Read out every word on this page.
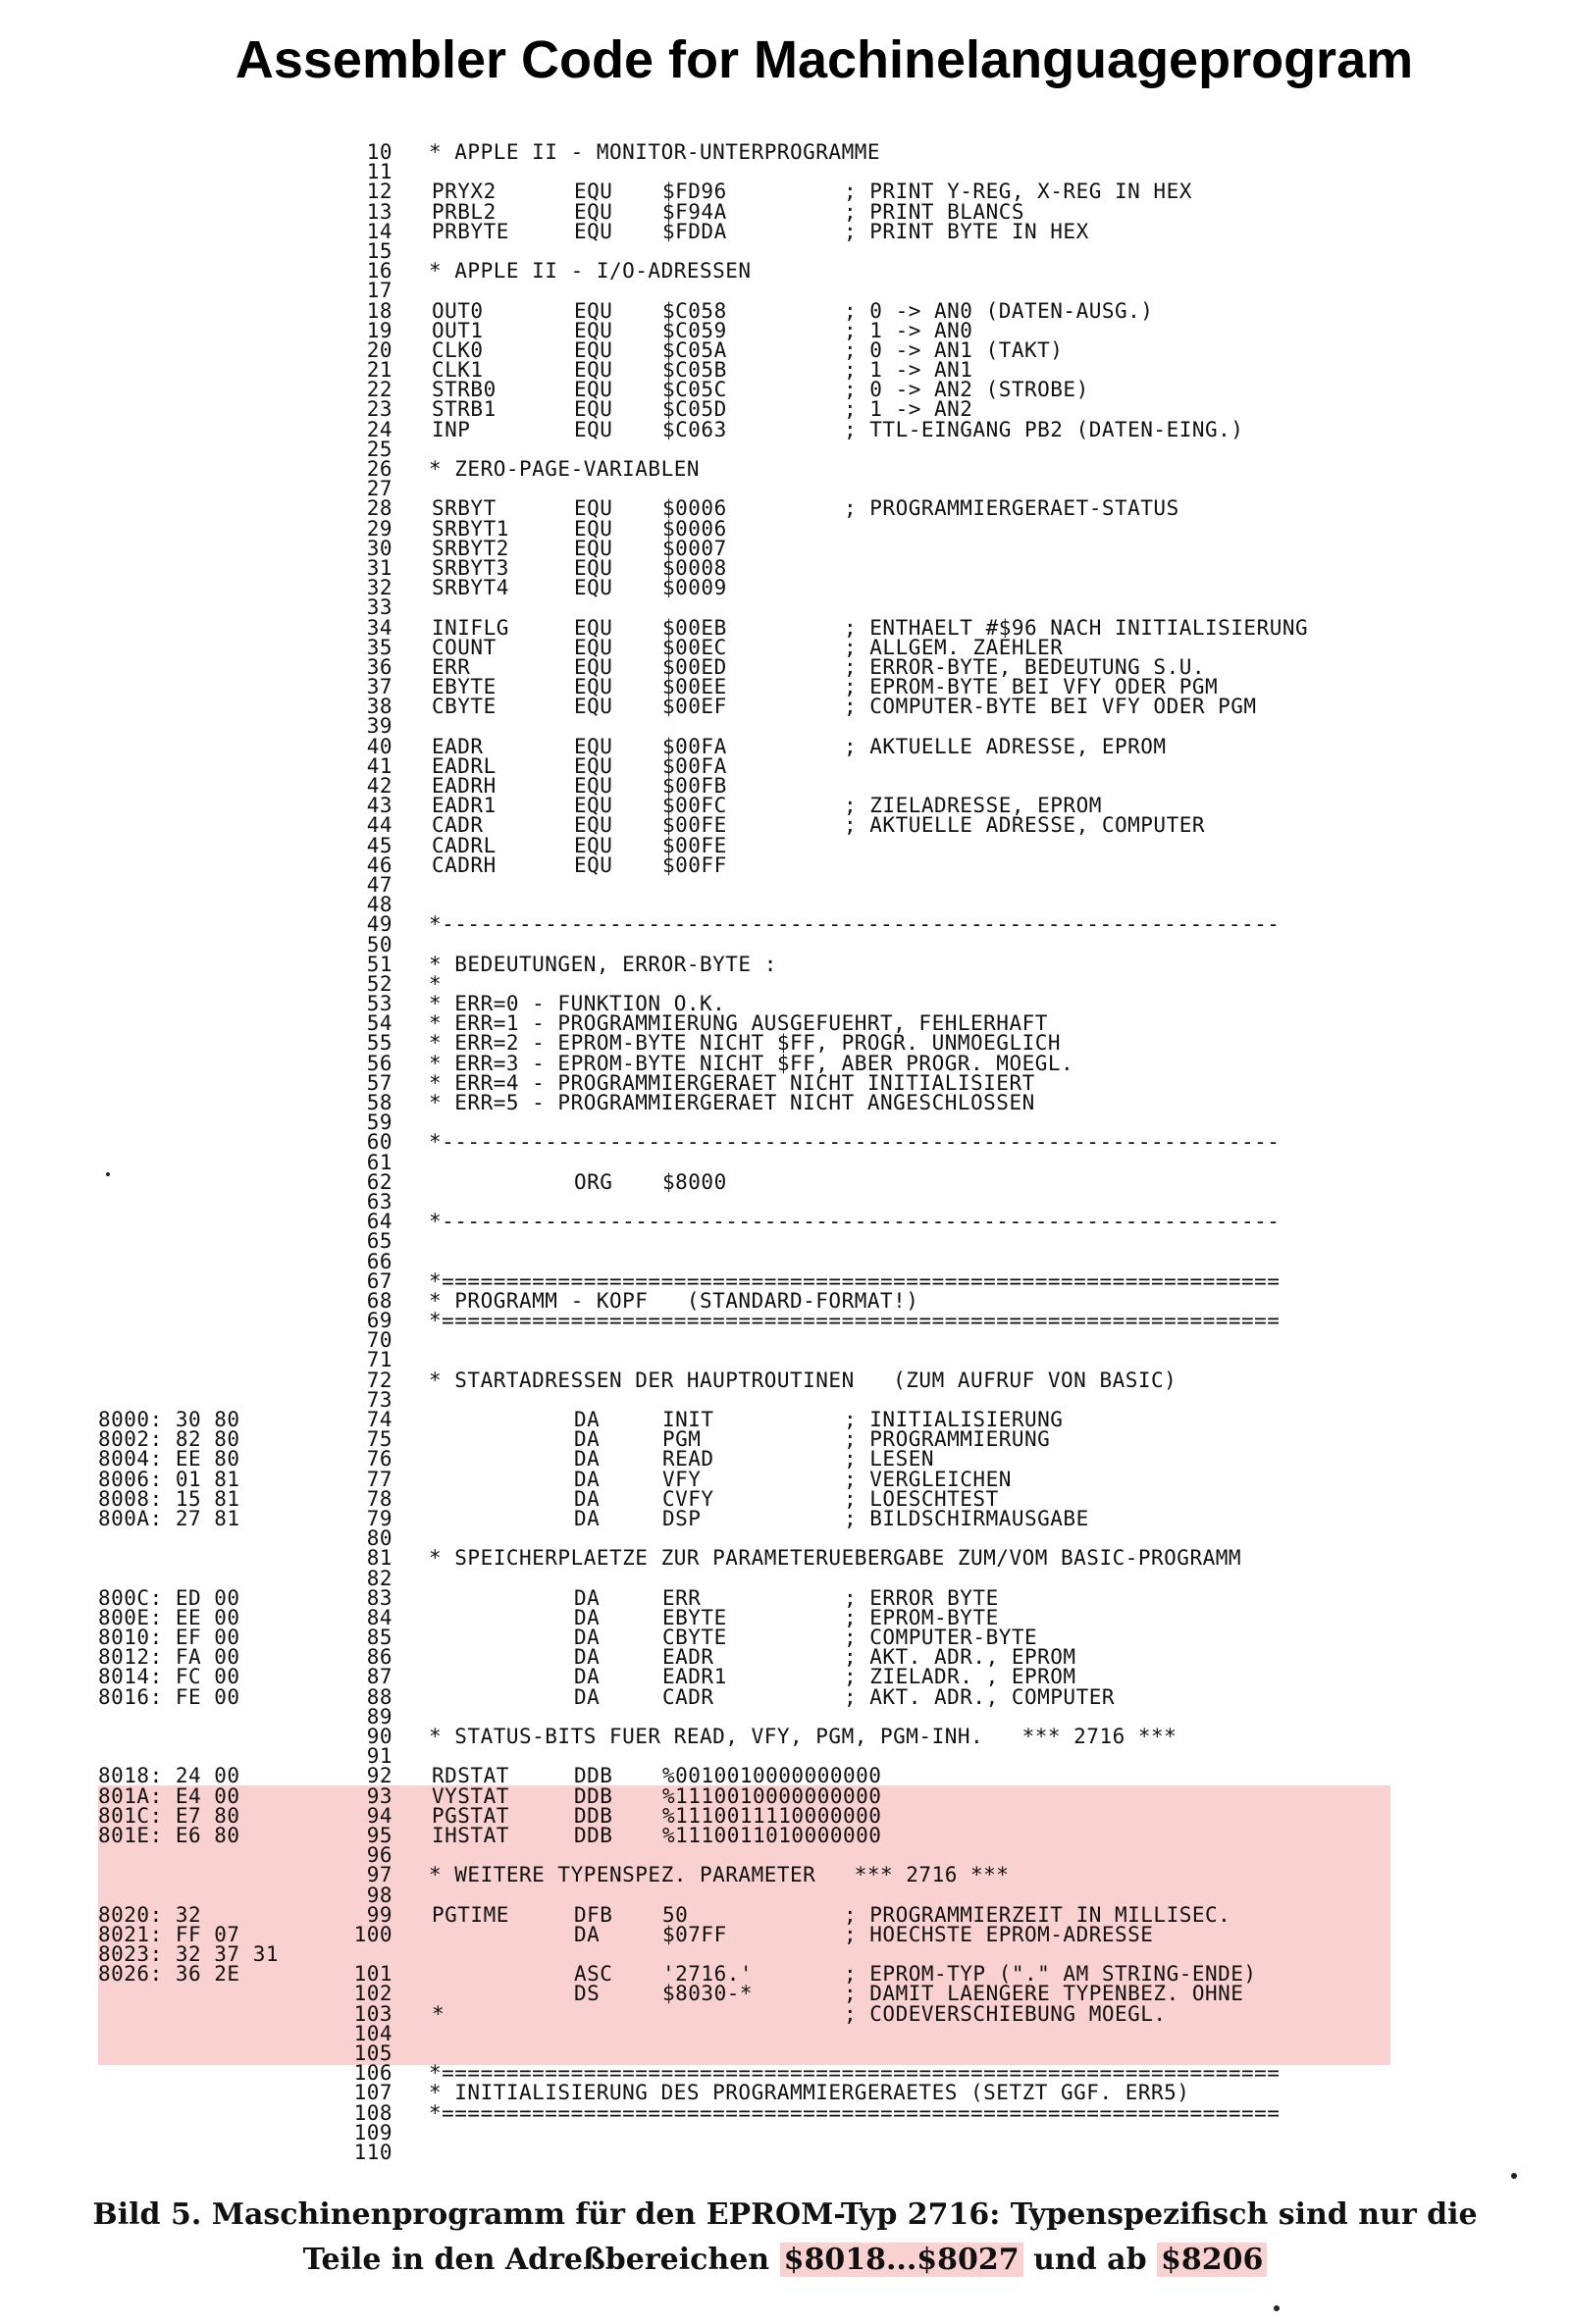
Assembler Code for Machinelanguageprogram
10 * APPLE II - MONITOR-UNTERPROGRAMME
11
12 PRYX2	EQU $FD96	; PRINT Y-REG, X-REG IN HEX
13 PRBL2	EQU $F94A	; PRINT BLANCS
14 PRBYTE	EQU $FDDA	; PRINT BYTE IN HEX
15
16 * APPLE II - I/O-ADRESSEN
17
18 OUT0	EQU $C058	; 0 -> AN0 (DATEN-AUSG.)
19 OUT1	EQU $C059	; 1 -> AN0
20 CLK0	EQU $C05A	; 0 -> AN1 (TAKT)
21 CLK1	EQU $C05B	; 1 -> AN1
22 STRB0	EQU $C05C	; 0 -> AN2 (STROBE)
23 STRB1	EQU $C05D	; 1 -> AN2
24 INP	EQU $C063	; TTL-EINGANG PB2 (DATEN-EING.)
25
26 * ZERO-PAGE-VARIABLEN
27
28 SRBYT	EQU $0006	; PROGRAMMIERGERAET-STATUS
29 SRBYT1	EQU $0006
30 SRBYT2	EQU $0007
31 SRBYT3	EQU $0008
32 SRBYT4	EQU $0009
33
34 INIFLG	EQU $00EB	; ENTHAELT #$96 NACH INITIALISIERUNG
35 COUNT	EQU $00EC	; ALLGEM. ZAEHLER
36 ERR	EQU $00ED	; ERROR-BYTE, BEDEUTUNG S.U.
37 EBYTE	EQU $00EE	; EPROM-BYTE BEI VFY ODER PGM
38 CBYTE	EQU $00EF	; COMPUTER-BYTE BEI VFY ODER PGM
39
40 EADR	EQU $00FA	; AKTUELLE ADRESSE, EPROM
41 EADRL	EQU $00FA
42 EADRH	EQU $00FB
43 EADR1	EQU $00FC	; ZIELADRESSE, EPROM
44 CADR	EQU $00FE	; AKTUELLE ADRESSE, COMPUTER
45 CADRL	EQU $00FE
46 CADRH	EQU $00FF
47
48
49 *-----------------------------------------------------------------
50
51 * BEDEUTUNGEN, ERROR-BYTE :
52 *
53 * ERR=0 - FUNKTION O.K.
54 * ERR=1 - PROGRAMMIERUNG AUSGEFUEHRT, FEHLERHAFT
55 * ERR=2 - EPROM-BYTE NICHT $FF, PROGR. UNMOEGLICH
56 * ERR=3 - EPROM-BYTE NICHT $FF, ABER PROGR. MOEGL.
57 * ERR=4 - PROGRAMMIERGERAET NICHT INITIALISIERT
58 * ERR=5 - PROGRAMMIERGERAET NICHT ANGESCHLOSSEN
59
60 *-----------------------------------------------------------------
61
62	ORG $8000
63
64 *-----------------------------------------------------------------
65
66
67 *=================================================================
68 * PROGRAMM - KOPF   (STANDARD-FORMAT!)
69 *=================================================================
70
71
72 * STARTADRESSEN DER HAUPTROUTINEN   (ZUM AUFRUF VON BASIC)
73
8000: 30 80	74	DA	INIT	; INITIALISIERUNG
8002: 82 80	75	DA	PGM	; PROGRAMMIERUNG
8004: EE 80	76	DA	READ	; LESEN
8006: 01 81	77	DA	VFY	; VERGLEICHEN
8008: 15 81	78	DA	CVFY	; LOESCHTEST
800A: 27 81	79	DA	DSP	; BILDSCHIRMAUSGABE
80
81 * SPEICHERPLAETZE ZUR PARAMETERUEBERGABE ZUM/VOM BASIC-PROGRAMM
82
800C: ED 00	83	DA	ERR	; ERROR BYTE
800E: EE 00	84	DA	EBYTE	; EPROM-BYTE
8010: EF 00	85	DA	CBYTE	; COMPUTER-BYTE
8012: FA 00	86	DA	EADR	; AKT. ADR., EPROM
8014: FC 00	87	DA	EADR1	; ZIELADR. , EPROM
8016: FE 00	88	DA	CADR	; AKT. ADR., COMPUTER
89
90 * STATUS-BITS FUER READ, VFY, PGM, PGM-INH.   *** 2716 ***
91
8018: 24 00	92 RDSTAT	DDB %0010010000000000
801A: E4 00	93 VYSTAT	DDB %1110010000000000
801C: E7 80	94 PGSTAT	DDB %1110011110000000
801E: E6 80	95 IHSTAT	DDB %1110011010000000
96
97 * WEITERE TYPENSPEZ. PARAMETER   *** 2716 ***
98
8020: 32	99 PGTIME	DFB 50	; PROGRAMMIERZEIT IN MILLISEC.
8021: FF 07	100	DA	$07FF	; HOECHSTE EPROM-ADRESSE
8023: 32 37 31
8026: 36 2E	101	ASC '2716.'	; EPROM-TYP ("." AM STRING-ENDE)
102	DS	$8030-*	; DAMIT LAENGERE TYPENBEZ. OHNE
103 *	; CODEVERSCHIEBUNG MOEGL.
104
105
106 *=================================================================
107 * INITIALISIERUNG DES PROGRAMMIERGERAETES (SETZT GGF. ERR5)
108 *=================================================================
109
110
Bild 5. Maschinenprogramm für den EPROM-Typ 2716: Typenspezifisch sind nur die
Teile in den Adreßbereichen $8018...$8027 und ab $8206
